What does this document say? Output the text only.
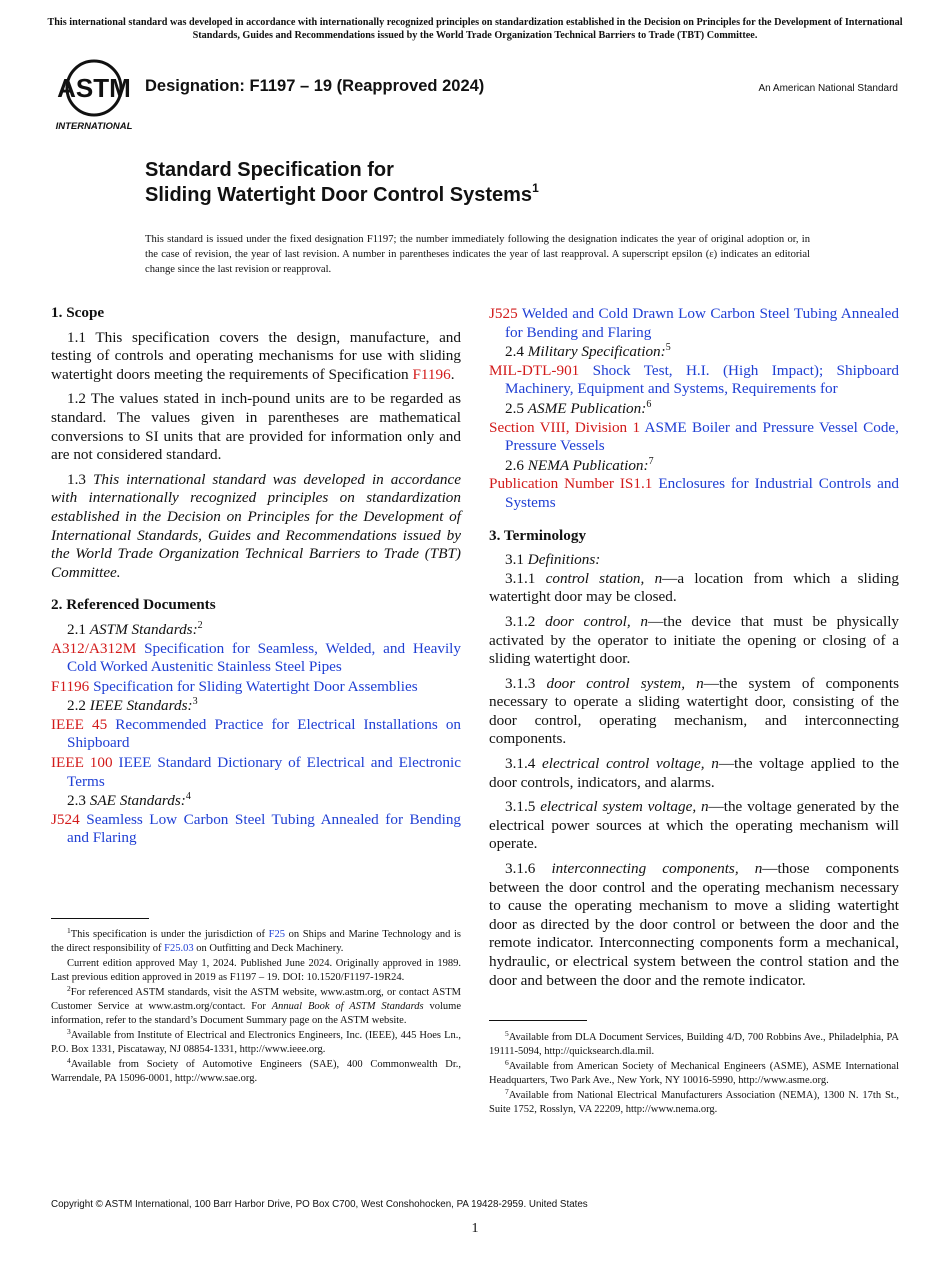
This international standard was developed in accordance with internationally recognized principles on standardization established in the Decision on Principles for the Development of International Standards, Guides and Recommendations issued by the World Trade Organization Technical Barriers to Trade (TBT) Committee.
ASTM
INTERNATIONAL
Designation: F1197 – 19 (Reapproved 2024)	An American National Standard
Standard Specification for
Sliding Watertight Door Control Systems$^1$
This standard is issued under the fixed designation F1197; the number immediately following the designation indicates the year of original adoption or, in the case of revision, the year of last revision. A number in parentheses indicates the year of last reapproval. A superscript epsilon (ε) indicates an editorial change since the last revision or reapproval.

1. Scope

1.1 This specification covers the design, manufacture, and testing of controls and operating mechanisms for use with sliding watertight doors meeting the requirements of Specification F1196.

1.2 The values stated in inch-pound units are to be regarded as standard. The values given in parentheses are mathematical conversions to SI units that are provided for information only and are not considered standard.

1.3 This international standard was developed in accordance with internationally recognized principles on standardization established in the Decision on Principles for the Development of International Standards, Guides and Recommendations issued by the World Trade Organization Technical Barriers to Trade (TBT) Committee.

2. Referenced Documents

2.1 ASTM Standards:$^2$

A312/A312M Specification for Seamless, Welded, and Heavily Cold Worked Austenitic Stainless Steel Pipes

F1196 Specification for Sliding Watertight Door Assemblies

2.2 IEEE Standards:$^3$

IEEE 45 Recommended Practice for Electrical Installations on Shipboard

IEEE 100 IEEE Standard Dictionary of Electrical and Electronic Terms

2.3 SAE Standards:$^4$

J524 Seamless Low Carbon Steel Tubing Annealed for Bending and Flaring

$^1$This specification is under the jurisdiction of F25 on Ships and Marine Technology and is the direct responsibility of F25.03 on Outfitting and Deck Machinery.

Current edition approved May 1, 2024. Published June 2024. Originally approved in 1989. Last previous edition approved in 2019 as F1197 – 19. DOI: 10.1520/F1197-19R24.

$^2$For referenced ASTM standards, visit the ASTM website, www.astm.org, or contact ASTM Customer Service at www.astm.org/contact. For Annual Book of ASTM Standards volume information, refer to the standard’s Document Summary page on the ASTM website.

$^3$Available from Institute of Electrical and Electronics Engineers, Inc. (IEEE), 445 Hoes Ln., P.O. Box 1331, Piscataway, NJ 08854-1331, http://www.ieee.org.

$^4$Available from Society of Automotive Engineers (SAE), 400 Commonwealth Dr., Warrendale, PA 15096-0001, http://www.sae.org.

J525 Welded and Cold Drawn Low Carbon Steel Tubing Annealed for Bending and Flaring

2.4 Military Specification:$^5$

MIL-DTL-901 Shock Test, H.I. (High Impact); Shipboard Machinery, Equipment and Systems, Requirements for

2.5 ASME Publication:$^6$

Section VIII, Division 1 ASME Boiler and Pressure Vessel Code, Pressure Vessels

2.6 NEMA Publication:$^7$

Publication Number IS1.1 Enclosures for Industrial Controls and Systems

3. Terminology

3.1 Definitions:

3.1.1 control station, n—a location from which a sliding watertight door may be closed.

3.1.2 door control, n—the device that must be physically activated by the operator to initiate the opening or closing of a sliding watertight door.

3.1.3 door control system, n—the system of components necessary to operate a sliding watertight door, consisting of the door control, operating mechanism, and interconnecting components.

3.1.4 electrical control voltage, n—the voltage applied to the door controls, indicators, and alarms.

3.1.5 electrical system voltage, n—the voltage generated by the electrical power sources at which the operating mechanism will operate.

3.1.6 interconnecting components, n—those components between the door control and the operating mechanism necessary to cause the operating mechanism to move a sliding watertight door as directed by the door control or between the door and the remote indicator. Interconnecting components form a mechanical, hydraulic, or electrical system between the control station and the door and between the door and the remote indicator.

$^5$Available from DLA Document Services, Building 4/D, 700 Robbins Ave., Philadelphia, PA 19111-5094, http://quicksearch.dla.mil.

$^6$Available from American Society of Mechanical Engineers (ASME), ASME International Headquarters, Two Park Ave., New York, NY 10016-5990, http://www.asme.org.

$^7$Available from National Electrical Manufacturers Association (NEMA), 1300 N. 17th St., Suite 1752, Rosslyn, VA 22209, http://www.nema.org.

Copyright © ASTM International, 100 Barr Harbor Drive, PO Box C700, West Conshohocken, PA 19428-2959. United States
1
